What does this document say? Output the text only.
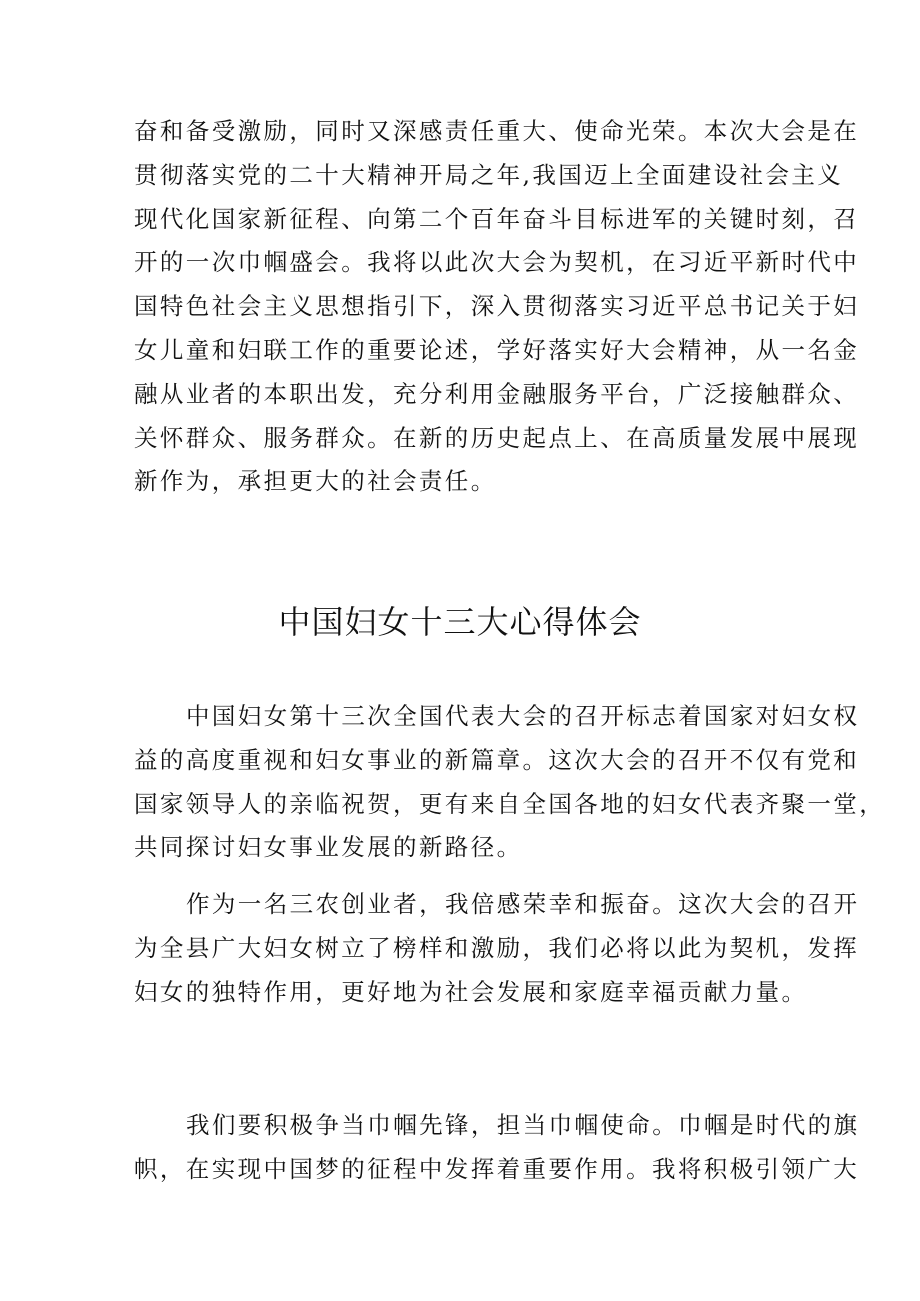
奋和备受激励，同时又深感责任重大、使命光荣。本次大会是在
贯彻落实党的二十大精神开局之年,我国迈上全面建设社会主义
现代化国家新征程、向第二个百年奋斗目标进军的关键时刻，召
开的一次巾帼盛会。我将以此次大会为契机，在习近平新时代中
国特色社会主义思想指引下，深入贯彻落实习近平总书记关于妇
女儿童和妇联工作的重要论述，学好落实好大会精神，从一名金
融从业者的本职出发，充分利用金融服务平台，广泛接触群众、
关怀群众、服务群众。在新的历史起点上、在高质量发展中展现
新作为，承担更大的社会责任。
中国妇女十三大心得体会
中国妇女第十三次全国代表大会的召开标志着国家对妇女权
益的高度重视和妇女事业的新篇章。这次大会的召开不仅有党和
国家领导人的亲临祝贺，更有来自全国各地的妇女代表齐聚一堂，
共同探讨妇女事业发展的新路径。
作为一名三农创业者，我倍感荣幸和振奋。这次大会的召开
为全县广大妇女树立了榜样和激励，我们必将以此为契机，发挥
妇女的独特作用，更好地为社会发展和家庭幸福贡献力量。
我们要积极争当巾帼先锋，担当巾帼使命。巾帼是时代的旗
帜，在实现中国梦的征程中发挥着重要作用。我将积极引领广大
